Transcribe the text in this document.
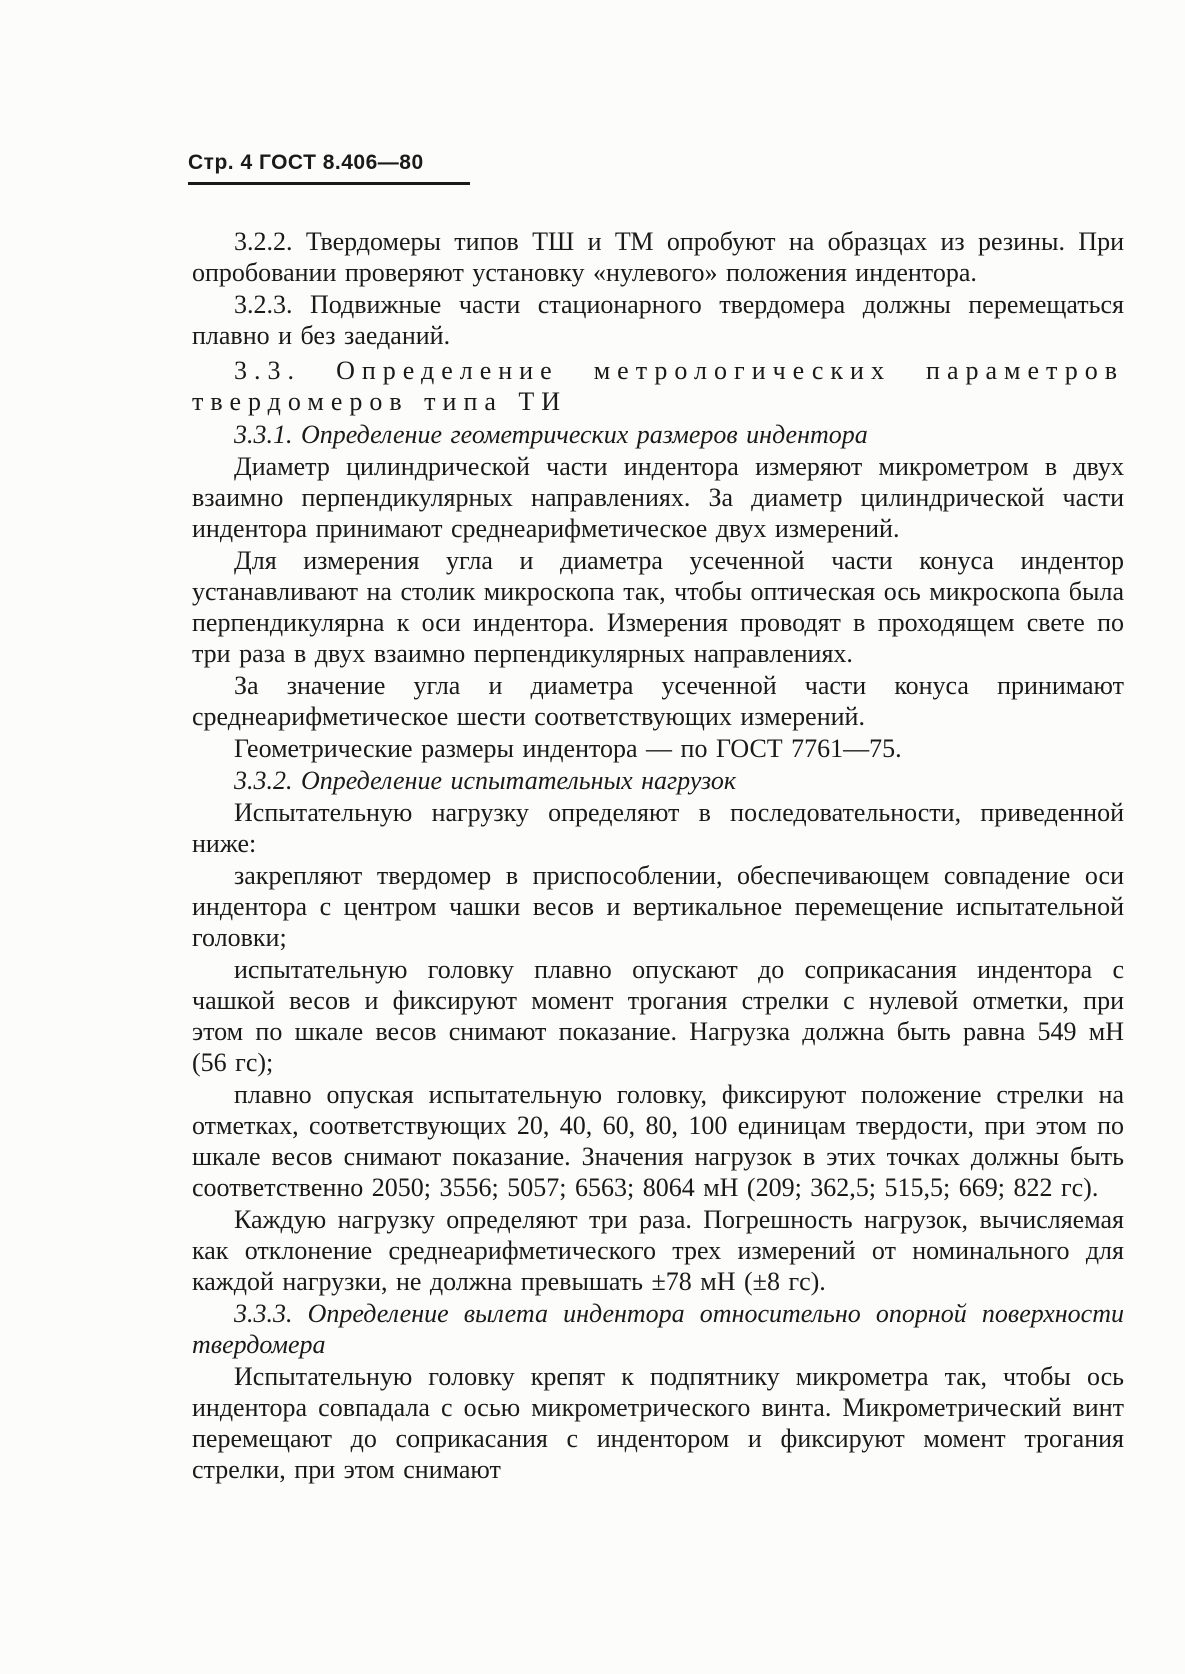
Стр. 4 ГОСТ 8.406—80

3.2.2. Твердомеры типов ТШ и ТМ опробуют на образцах из резины. При опробовании проверяют установку «нулевого» положения индентора.

3.2.3. Подвижные части стационарного твердомера должны перемещаться плавно и без заеданий.

3.3. Определение метрологических параметров твердомеров типа ТИ

3.3.1. Определение геометрических размеров индентора

Диаметр цилиндрической части индентора измеряют микрометром в двух взаимно перпендикулярных направлениях. За диаметр цилиндрической части индентора принимают среднеарифметическое двух измерений.

Для измерения угла и диаметра усеченной части конуса индентор устанавливают на столик микроскопа так, чтобы оптическая ось микроскопа была перпендикулярна к оси индентора. Измерения проводят в проходящем свете по три раза в двух взаимно перпендикулярных направлениях.

За значение угла и диаметра усеченной части конуса принимают среднеарифметическое шести соответствующих измерений.

Геометрические размеры индентора — по ГОСТ 7761—75.

3.3.2. Определение испытательных нагрузок

Испытательную нагрузку определяют в последовательности, приведенной ниже:

закрепляют твердомер в приспособлении, обеспечивающем совпадение оси индентора с центром чашки весов и вертикальное перемещение испытательной головки;

испытательную головку плавно опускают до соприкасания индентора с чашкой весов и фиксируют момент трогания стрелки с нулевой отметки, при этом по шкале весов снимают показание. Нагрузка должна быть равна 549 мН (56 гс);

плавно опуская испытательную головку, фиксируют положение стрелки на отметках, соответствующих 20, 40, 60, 80, 100 единицам твердости, при этом по шкале весов снимают показание. Значения нагрузок в этих точках должны быть соответственно 2050; 3556; 5057; 6563; 8064 мН (209; 362,5; 515,5; 669; 822 гс).

Каждую нагрузку определяют три раза. Погрешность нагрузок, вычисляемая как отклонение среднеарифметического трех измерений от номинального для каждой нагрузки, не должна превышать ±78 мН (±8 гс).

3.3.3. Определение вылета индентора относительно опорной поверхности твердомера

Испытательную головку крепят к подпятнику микрометра так, чтобы ось индентора совпадала с осью микрометрического винта. Микрометрический винт перемещают до соприкасания с индентором и фиксируют момент трогания стрелки, при этом снимают
